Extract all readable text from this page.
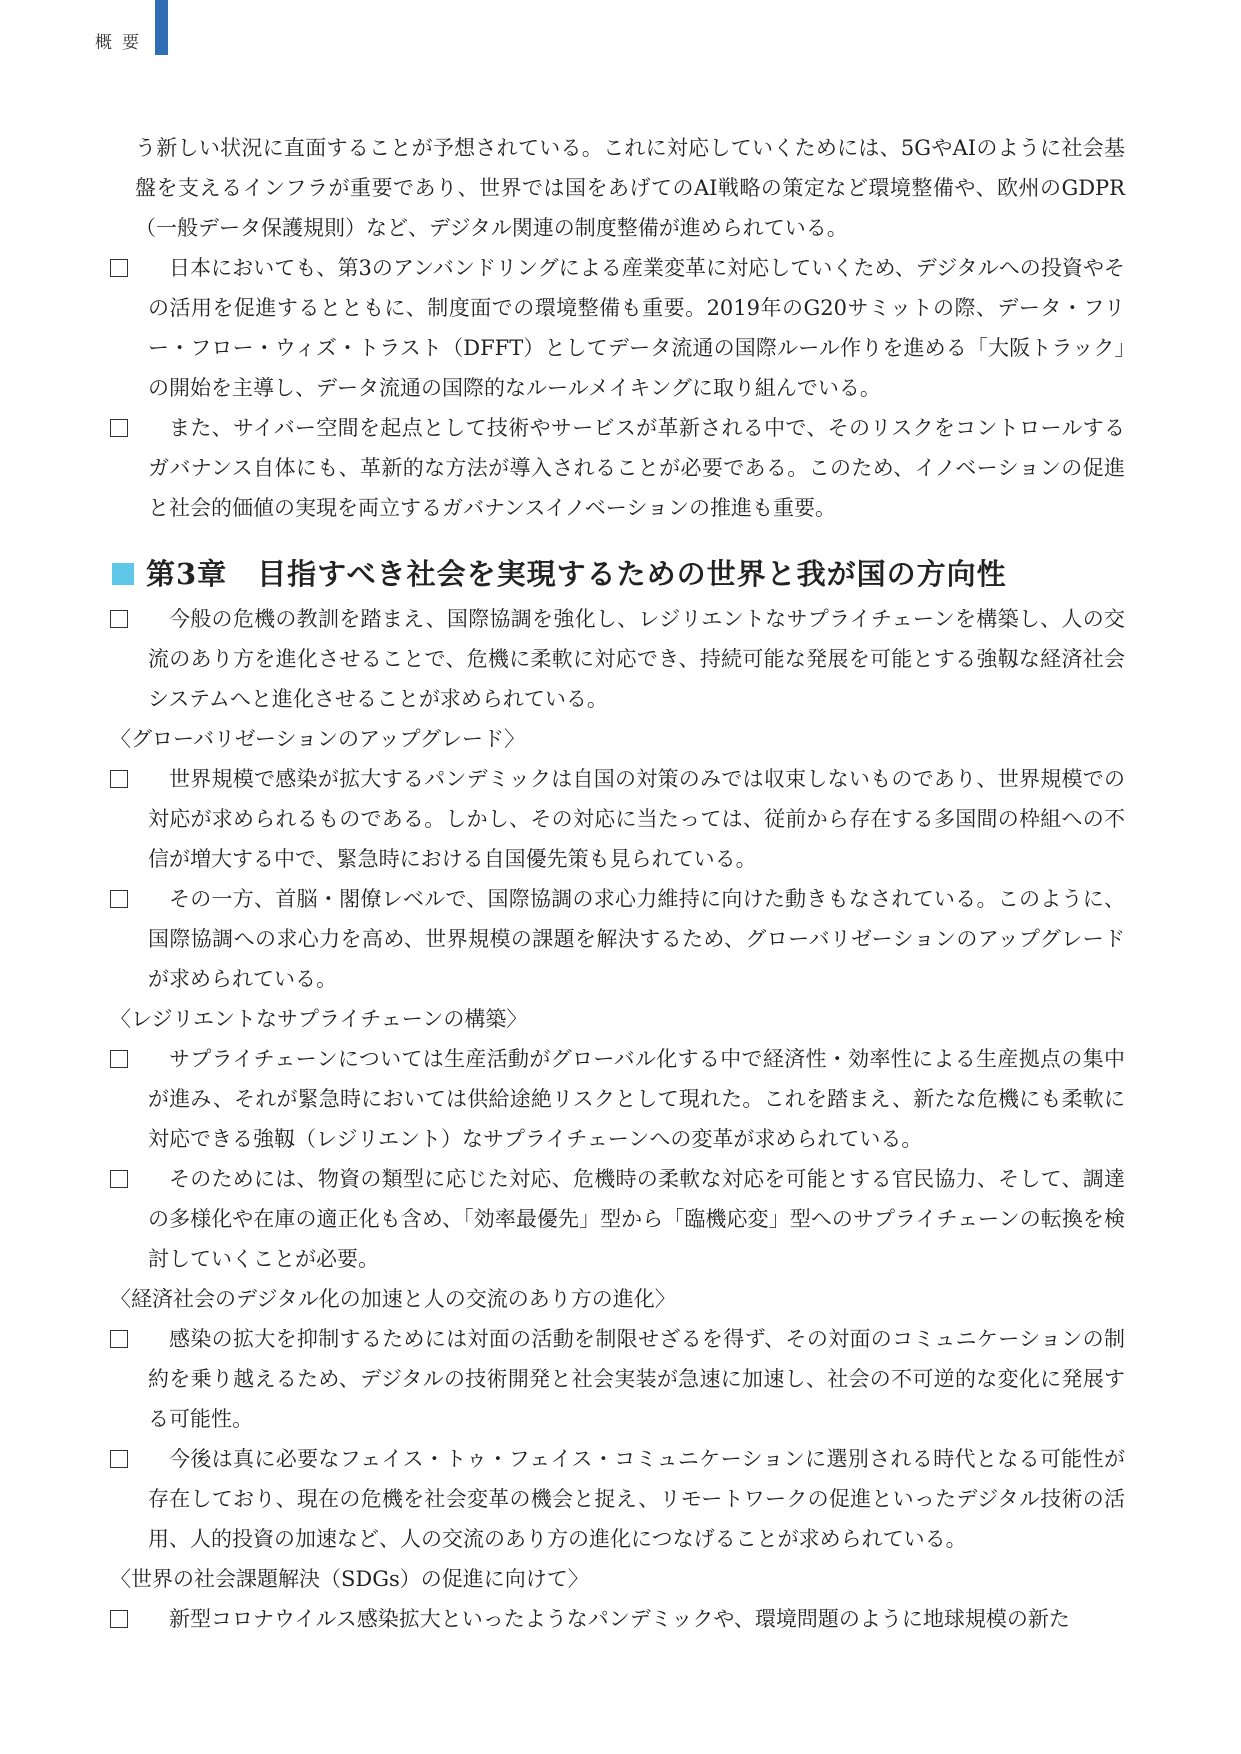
概要

う新しい状況に直面することが予想されている。これに対応していくためには、5GやAIのように社会基盤を支えるインフラが重要であり、世界では国をあげてのAI戦略の策定など環境整備や、欧州のGDPR（一般データ保護規則）など、デジタル関連の制度整備が進められている。

日本においても、第3のアンバンドリングによる産業変革に対応していくため、デジタルへの投資やその活用を促進するとともに、制度面での環境整備も重要。2019年のG20サミットの際、データ・フリー・フロー・ウィズ・トラスト（DFFT）としてデータ流通の国際ルール作りを進める「大阪トラック」の開始を主導し、データ流通の国際的なルールメイキングに取り組んでいる。

また、サイバー空間を起点として技術やサービスが革新される中で、そのリスクをコントロールするガバナンス自体にも、革新的な方法が導入されることが必要である。このため、イノベーションの促進と社会的価値の実現を両立するガバナンスイノベーションの推進も重要。

第3章　目指すべき社会を実現するための世界と我が国の方向性

今般の危機の教訓を踏まえ、国際協調を強化し、レジリエントなサプライチェーンを構築し、人の交流のあり方を進化させることで、危機に柔軟に対応でき、持続可能な発展を可能とする強靱な経済社会システムへと進化させることが求められている。

〈グローバリゼーションのアップグレード〉

世界規模で感染が拡大するパンデミックは自国の対策のみでは収束しないものであり、世界規模での対応が求められるものである。しかし、その対応に当たっては、従前から存在する多国間の枠組への不信が増大する中で、緊急時における自国優先策も見られている。

その一方、首脳・閣僚レベルで、国際協調の求心力維持に向けた動きもなされている。このように、国際協調への求心力を高め、世界規模の課題を解決するため、グローバリゼーションのアップグレードが求められている。

〈レジリエントなサプライチェーンの構築〉

サプライチェーンについては生産活動がグローバル化する中で経済性・効率性による生産拠点の集中が進み、それが緊急時においては供給途絶リスクとして現れた。これを踏まえ、新たな危機にも柔軟に対応できる強靱（レジリエント）なサプライチェーンへの変革が求められている。

そのためには、物資の類型に応じた対応、危機時の柔軟な対応を可能とする官民協力、そして、調達の多様化や在庫の適正化も含め、「効率最優先」型から「臨機応変」型へのサプライチェーンの転換を検討していくことが必要。

〈経済社会のデジタル化の加速と人の交流のあり方の進化〉

感染の拡大を抑制するためには対面の活動を制限せざるを得ず、その対面のコミュニケーションの制約を乗り越えるため、デジタルの技術開発と社会実装が急速に加速し、社会の不可逆的な変化に発展する可能性。

今後は真に必要なフェイス・トゥ・フェイス・コミュニケーションに選別される時代となる可能性が存在しており、現在の危機を社会変革の機会と捉え、リモートワークの促進といったデジタル技術の活用、人的投資の加速など、人の交流のあり方の進化につなげることが求められている。

〈世界の社会課題解決（SDGs）の促進に向けて〉

新型コロナウイルス感染拡大といったようなパンデミックや、環境問題のように地球規模の新た
